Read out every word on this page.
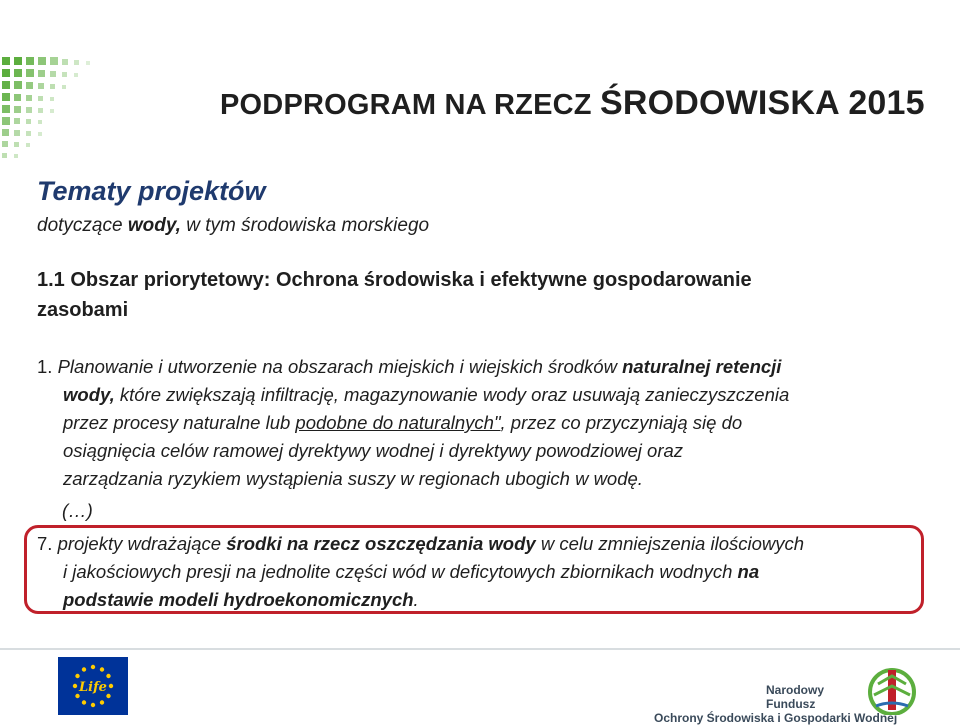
PODPROGRAM NA RZECZ ŚRODOWISKA 2015
Tematy projektów
dotyczące wody, w tym środowiska morskiego
1.1 Obszar priorytetowy: Ochrona środowiska i efektywne gospodarowanie
zasobami
1. Planowanie i utworzenie na obszarach miejskich i wiejskich środków naturalnej retencji
wody, które zwiększają infiltrację, magazynowanie wody oraz usuwają zanieczyszczenia
przez procesy naturalne lub podobne do naturalnych", przez co przyczyniają się do
osiągnięcia celów ramowej dyrektywy wodnej i dyrektywy powodziowej oraz
zarządzania ryzykiem wystąpienia suszy w regionach ubogich w wodę.
(…)
7. projekty wdrażające środki na rzecz oszczędzania wody w celu zmniejszenia ilościowych
i jakościowych presji na jednolite części wód w deficytowych zbiornikach wodnych na
podstawie modeli hydroekonomicznych.
Life	Narodowy Fundusz
Ochrony Środowiska i Gospodarki Wodnej
